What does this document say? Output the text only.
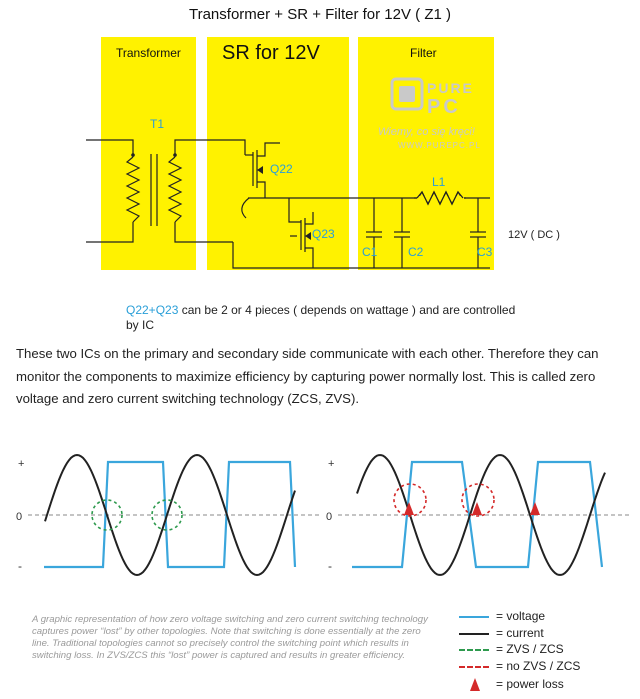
Transformer + SR + Filter for 12V ( Z1 )
Transformer SR for 12V	Filter
T1
Q22
Q23
L1
C1	C2	C3
12V ( DC )
PURE
PC
Wiemy, co się kręci!
WWW.PUREPC.PL
Q22+Q23 can be 2 or 4 pieces ( depends on wattage ) and are controlled by IC
These two ICs on the primary and secondary side communicate with each other. Therefore they can monitor the components to maximize efficiency by capturing power normally lost. This is called zero voltage and zero current switching technology (ZCS, ZVS).
+
0
-
+
0
-
A graphic representation of how zero voltage switching and zero current switching technology captures power “lost” by other topologies. Note that switching is done essentially at the zero line. Traditional topologies cannot so precisely control the switching point which results in switching loss. In ZVS/ZCS this “lost” power is captured and results in greater efficiency.
= voltage
= current
= ZVS / ZCS
= no ZVS / ZCS
= power loss
